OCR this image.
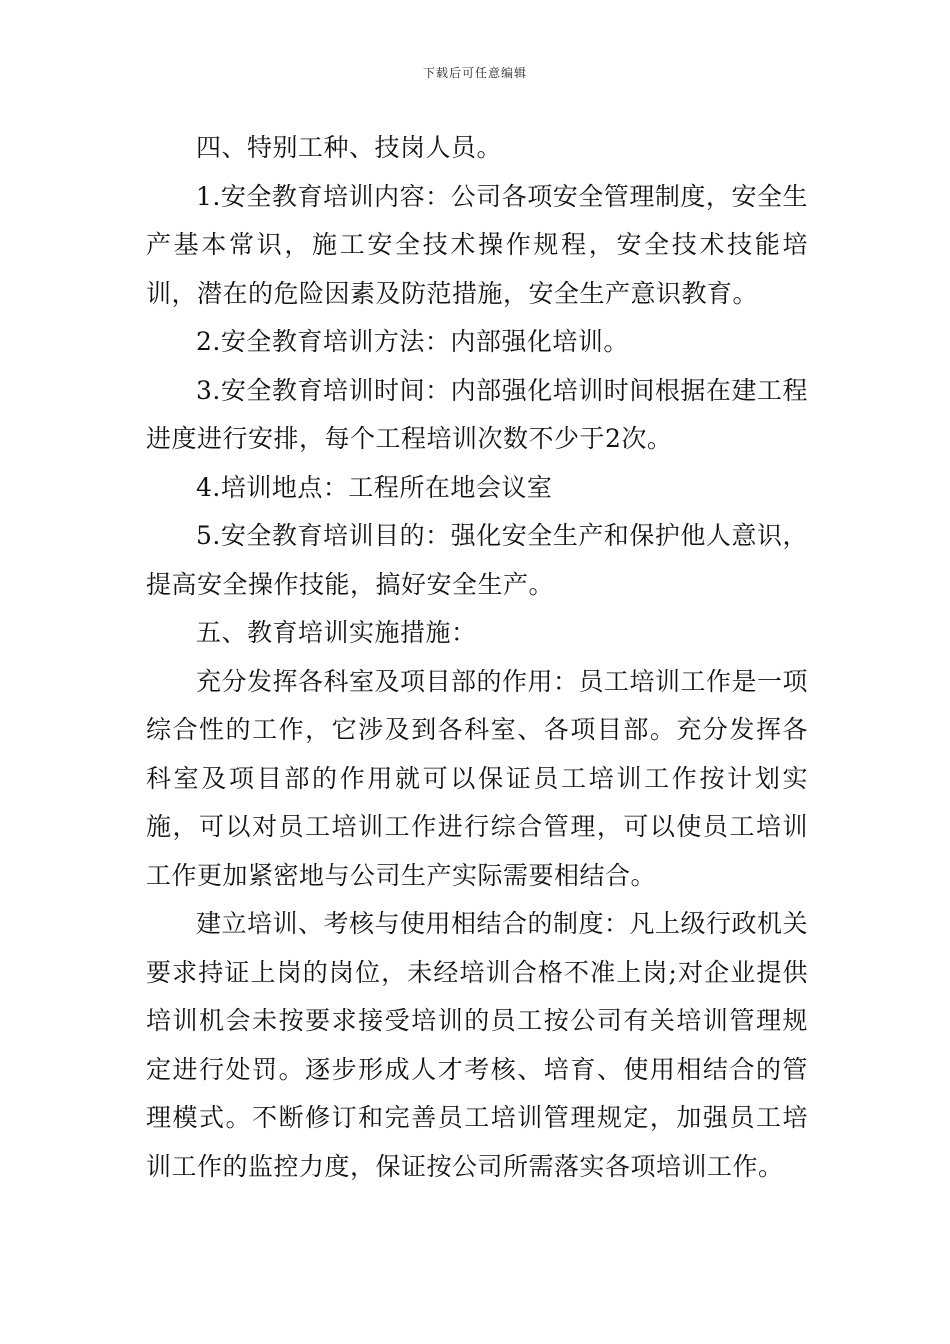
下载后可任意编辑

四、特别工种、技岗人员。

1.安全教育培训内容：公司各项安全管理制度，安全生产基本常识，施工安全技术操作规程，安全技术技能培训，潜在的危险因素及防范措施，安全生产意识教育。

2.安全教育培训方法：内部强化培训。

3.安全教育培训时间：内部强化培训时间根据在建工程进度进行安排，每个工程培训次数不少于2次。

4.培训地点：工程所在地会议室

5.安全教育培训目的：强化安全生产和保护他人意识，提高安全操作技能，搞好安全生产。

五、教育培训实施措施：

充分发挥各科室及项目部的作用：员工培训工作是一项综合性的工作，它涉及到各科室、各项目部。充分发挥各科室及项目部的作用就可以保证员工培训工作按计划实施，可以对员工培训工作进行综合管理，可以使员工培训工作更加紧密地与公司生产实际需要相结合。

建立培训、考核与使用相结合的制度：凡上级行政机关要求持证上岗的岗位，未经培训合格不准上岗;对企业提供培训机会未按要求接受培训的员工按公司有关培训管理规定进行处罚。逐步形成人才考核、培育、使用相结合的管理模式。不断修订和完善员工培训管理规定，加强员工培训工作的监控力度，保证按公司所需落实各项培训工作。
